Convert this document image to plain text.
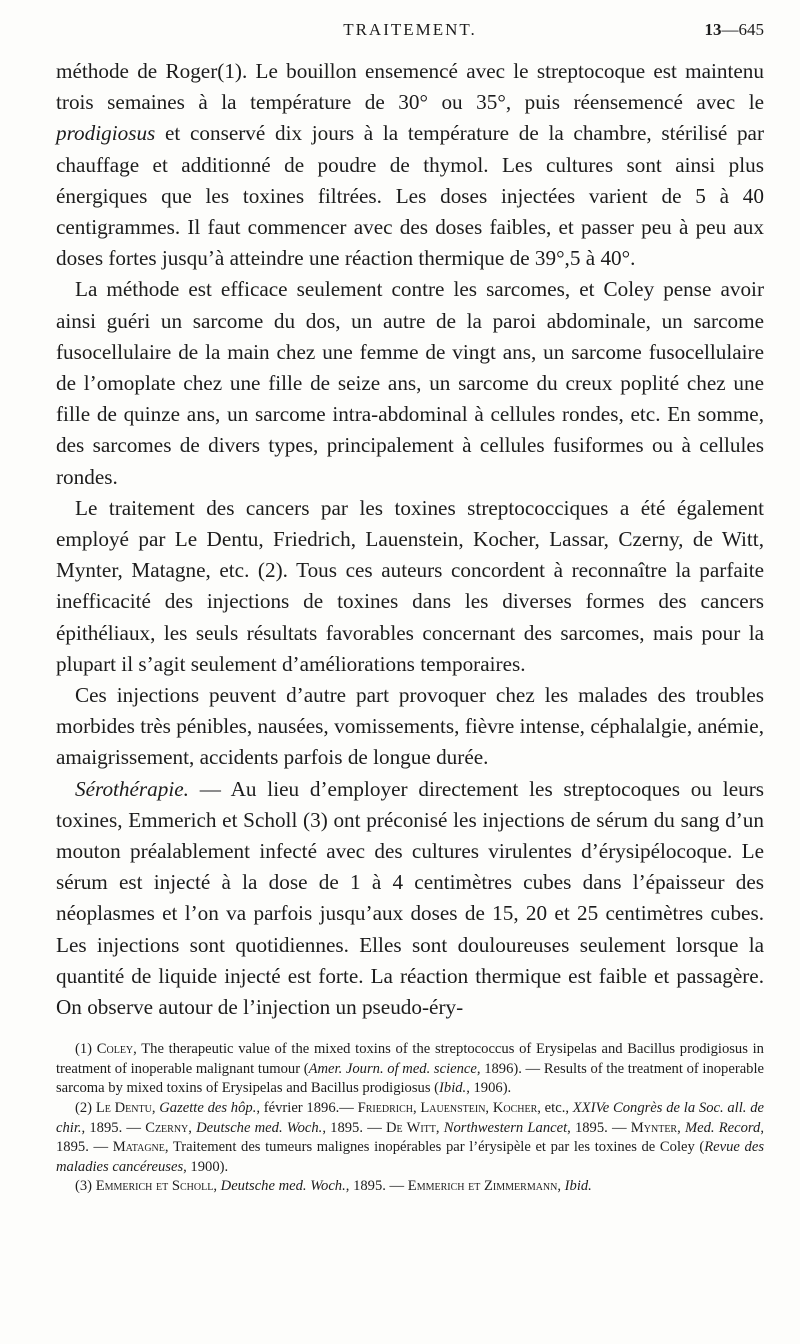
TRAITEMENT.	13—645

méthode de Roger(1). Le bouillon ensemencé avec le streptocoque est maintenu trois semaines à la température de 30° ou 35°, puis réensemencé avec le prodigiosus et conservé dix jours à la température de la chambre, stérilisé par chauffage et additionné de poudre de thymol. Les cultures sont ainsi plus énergiques que les toxines filtrées. Les doses injectées varient de 5 à 40 centigrammes. Il faut commencer avec des doses faibles, et passer peu à peu aux doses fortes jusqu’à atteindre une réaction thermique de 39°,5 à 40°.

La méthode est efficace seulement contre les sarcomes, et Coley pense avoir ainsi guéri un sarcome du dos, un autre de la paroi abdominale, un sarcome fusocellulaire de la main chez une femme de vingt ans, un sarcome fusocellulaire de l’omoplate chez une fille de seize ans, un sarcome du creux poplité chez une fille de quinze ans, un sarcome intra-abdominal à cellules rondes, etc. En somme, des sarcomes de divers types, principalement à cellules fusiformes ou à cellules rondes.

Le traitement des cancers par les toxines streptococciques a été également employé par Le Dentu, Friedrich, Lauenstein, Kocher, Lassar, Czerny, de Witt, Mynter, Matagne, etc. (2). Tous ces auteurs concordent à reconnaître la parfaite inefficacité des injections de toxines dans les diverses formes des cancers épithéliaux, les seuls résultats favorables concernant des sarcomes, mais pour la plupart il s’agit seulement d’améliorations temporaires.

Ces injections peuvent d’autre part provoquer chez les malades des troubles morbides très pénibles, nausées, vomissements, fièvre intense, céphalalgie, anémie, amaigrissement, accidents parfois de longue durée.

Sérothérapie. — Au lieu d’employer directement les streptocoques ou leurs toxines, Emmerich et Scholl (3) ont préconisé les injections de sérum du sang d’un mouton préalablement infecté avec des cultures virulentes d’érysipélocoque. Le sérum est injecté à la dose de 1 à 4 centimètres cubes dans l’épaisseur des néoplasmes et l’on va parfois jusqu’aux doses de 15, 20 et 25 centimètres cubes. Les injections sont quotidiennes. Elles sont douloureuses seulement lorsque la quantité de liquide injecté est forte. La réaction thermique est faible et passagère. On observe autour de l’injection un pseudo-éry-

(1) Coley, The therapeutic value of the mixed toxins of the streptococcus of Erysipelas and Bacillus prodigiosus in treatment of inoperable malignant tumour (Amer. Journ. of med. science, 1896). — Results of the treatment of inoperable sarcoma by mixed toxins of Erysipelas and Bacillus prodigiosus (Ibid., 1906).

(2) Le Dentu, Gazette des hôp., février 1896.— Friedrich, Lauenstein, Kocher, etc., XXIVe Congrès de la Soc. all. de chir., 1895. — Czerny, Deutsche med. Woch., 1895. — De Witt, Northwestern Lancet, 1895. — Mynter, Med. Record, 1895. — Matagne, Traitement des tumeurs malignes inopérables par l’érysipèle et par les toxines de Coley (Revue des maladies cancéreuses, 1900).

(3) Emmerich et Scholl, Deutsche med. Woch., 1895. — Emmerich et Zimmermann, Ibid.
